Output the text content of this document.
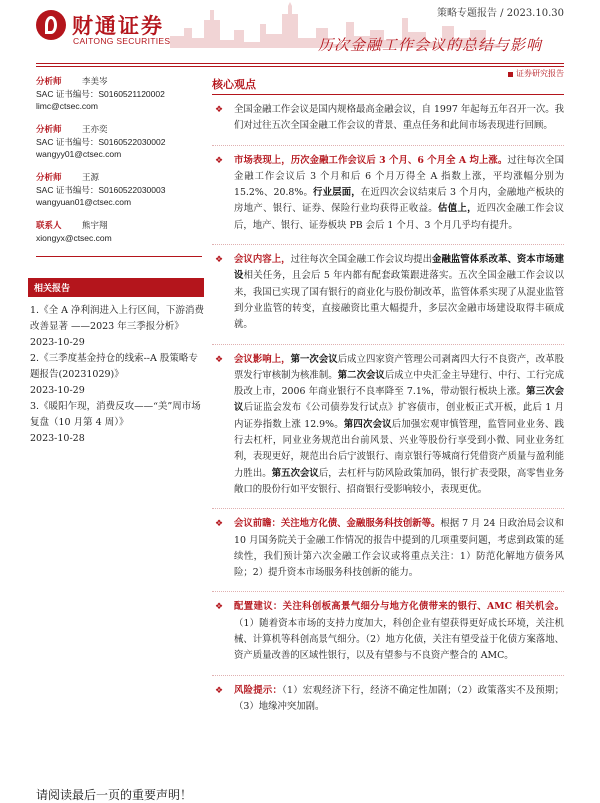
财通证券
CAITONG SECURITIES
策略专题报告 / 2023.10.30
历次金融工作会议的总结与影响
证券研究报告
分析师	李美岑
SAC 证书编号：S0160521120002
limc@ctsec.com
分析师	王亦奕
SAC 证书编号：S0160522030002
wangyy01@ctsec.com
分析师	王源
SAC 证书编号：S0160522030003
wangyuan01@ctsec.com
联系人	熊宇翔
xiongyx@ctsec.com
相关报告
1.《全 A 净利润进入上行区间，下游消费改善显著 ——2023 年三季报分析》
2023-10-29
2.《三季度基金持仓的线索--A 股策略专题报告(20231029)》
2023-10-29
3.《暖阳乍现，消费反攻——“美”周市场复盘（10 月第 4 周）》
2023-10-28
核心观点
❖ 全国金融工作会议是国内规格最高金融会议，自 1997 年起每五年召开一次。我们对过往五次全国金融工作会议的背景、重点任务和此间市场表现进行回顾。
❖ 市场表现上，历次金融工作会议后 3 个月、6 个月全 A 均上涨。过往每次全国金融工作会议后 3 个月和后 6 个月万得全 A 指数上涨，平均涨幅分别为 15.2%、20.8%。行业层面，在近四次会议结束后 3 个月内，金融地产板块的房地产、银行、证券、保险行业均获得正收益。估值上，近四次金融工作会议后，地产、银行、证券板块 PB 会后 1 个月、3 个月几乎均有提升。
❖ 会议内容上，过往每次全国金融工作会议均提出金融监管体系改革、资本市场建设相关任务，且会后 5 年内都有配套政策跟进落实。五次全国金融工作会议以来，我国已实现了国有银行的商业化与股份制改革，监管体系实现了从混业监管到分业监管的转变，直接融资比重大幅提升，多层次金融市场建设取得丰硕成就。
❖ 会议影响上，第一次会议后成立四家资产管理公司剥离四大行不良资产，改革股票发行审核制为核准制。第二次会议后成立中央汇金主导建行、中行、工行完成股改上市，2006 年商业银行不良率降至 7.1%，带动银行板块上涨。第三次会议后证监会发布《公司债券发行试点》扩容债市，创业板正式开板，此后 1 月内证券指数上涨 12.9%。第四次会议后加强宏观审慎管理，监管同业业务、践行去杠杆，同业业务规范出台前风景、兴业等股份行享受到小微、同业业务红利，表现更好，规范出台后宁波银行、南京银行等城商行凭借资产质量与盈利能力胜出。第五次会议后，去杠杆与防风险政策加码，银行扩表受限，高零售业务敞口的股份行如平安银行、招商银行受影响较小，表现更优。
❖ 会议前瞻：关注地方化债、金融服务科技创新等。根据 7 月 24 日政治局会议和 10 月国务院关于金融工作情况的报告中提到的几项重要问题，考虑到政策的延续性，我们预计第六次金融工作会议或将重点关注：1）防范化解地方债务风险；2）提升资本市场服务科技创新的能力。
❖ 配置建议：关注科创板高景气细分与地方化债带来的银行、AMC 相关机会。（1）随着资本市场的支持力度加大，科创企业有望获得更好成长环境，关注机械、计算机等科创高景气细分。（2）地方化债，关注有望受益于化债方案落地、资产质量改善的区域性银行，以及有望参与不良资产整合的 AMC。
❖ 风险提示：（1）宏观经济下行，经济不确定性加剧；（2）政策落实不及预期；（3）地缘冲突加剧。
请阅读最后一页的重要声明！
